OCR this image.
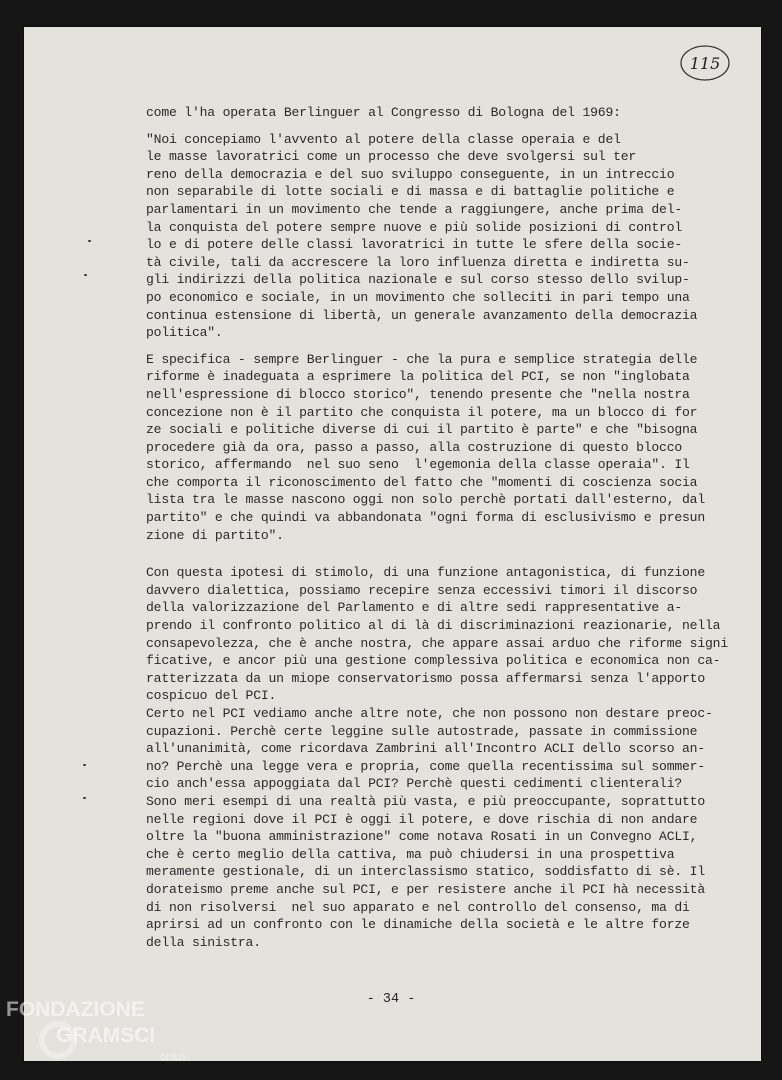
115
come l'ha operata Berlinguer al Congresso di Bologna del 1969:
"Noi concepiamo l'avvento al potere della classe operaia e del
le masse lavoratrici come un processo che deve svolgersi sul ter
reno della democrazia e del suo sviluppo conseguente, in un intreccio
non separabile di lotte sociali e di massa e di battaglie politiche e
parlamentari in un movimento che tende a raggiungere, anche prima del-
la conquista del potere sempre nuove e più solide posizioni di control
lo e di potere delle classi lavoratrici in tutte le sfere della socie-
tà civile, tali da accrescere la loro influenza diretta e indiretta su-
gli indirizzi della politica nazionale e sul corso stesso dello svilup-
po economico e sociale, in un movimento che solleciti in pari tempo una
continua estensione di libertà, un generale avanzamento della democrazia
politica".
E specifica - sempre Berlinguer - che la pura e semplice strategia delle
riforme è inadeguata a esprimere la politica del PCI, se non "inglobata
nell'espressione di blocco storico", tenendo presente che "nella nostra
concezione non è il partito che conquista il potere, ma un blocco di for
ze sociali e politiche diverse di cui il partito è parte" e che "bisogna
procedere già da ora, passo a passo, alla costruzione di questo blocco
storico, affermando  nel suo seno  l'egemonia della classe operaia". Il
che comporta il riconoscimento del fatto che "momenti di coscienza socia
lista tra le masse nascono oggi non solo perchè portati dall'esterno, dal
partito" e che quindi va abbandonata "ogni forma di esclusivismo e presun
zione di partito".
Con questa ipotesi di stimolo, di una funzione antagonistica, di funzione
davvero dialettica, possiamo recepire senza eccessivi timori il discorso
della valorizzazione del Parlamento e di altre sedi rappresentative a-
prendo il confronto politico al di là di discriminazioni reazionarie, nella
consapevolezza, che è anche nostra, che appare assai arduo che riforme signi
ficative, e ancor più una gestione complessiva politica e economica non ca-
ratterizzata da un miope conservatorismo possa affermarsi senza l'apporto
cospicuo del PCI.
Certo nel PCI vediamo anche altre note, che non possono non destare preoc-
cupazioni. Perchè certe leggine sulle autostrade, passate in commissione
all'unanimità, come ricordava Zambrini all'Incontro ACLI dello scorso an-
no? Perchè una legge vera e propria, come quella recentissima sul sommer-
cio anch'essa appoggiata dal PCI? Perchè questi cedimenti clienterali?
Sono meri esempi di una realtà più vasta, e più preoccupante, soprattutto
nelle regioni dove il PCI è oggi il potere, e dove rischia di non andare
oltre la "buona amministrazione" come notava Rosati in un Convegno ACLI,
che è certo meglio della cattiva, ma può chiudersi in una prospettiva
meramente gestionale, di un interclassismo statico, soddisfatto di sè. Il
dorateismo preme anche sul PCI, e per resistere anche il PCI hà necessità
di non risolversi  nel suo apparato e nel controllo del consenso, ma di
aprirsi ad un confronto con le dinamiche della società e le altre forze
della sinistra.
- 34 -
FONDAZIONE
GRAMSCI
onlus
